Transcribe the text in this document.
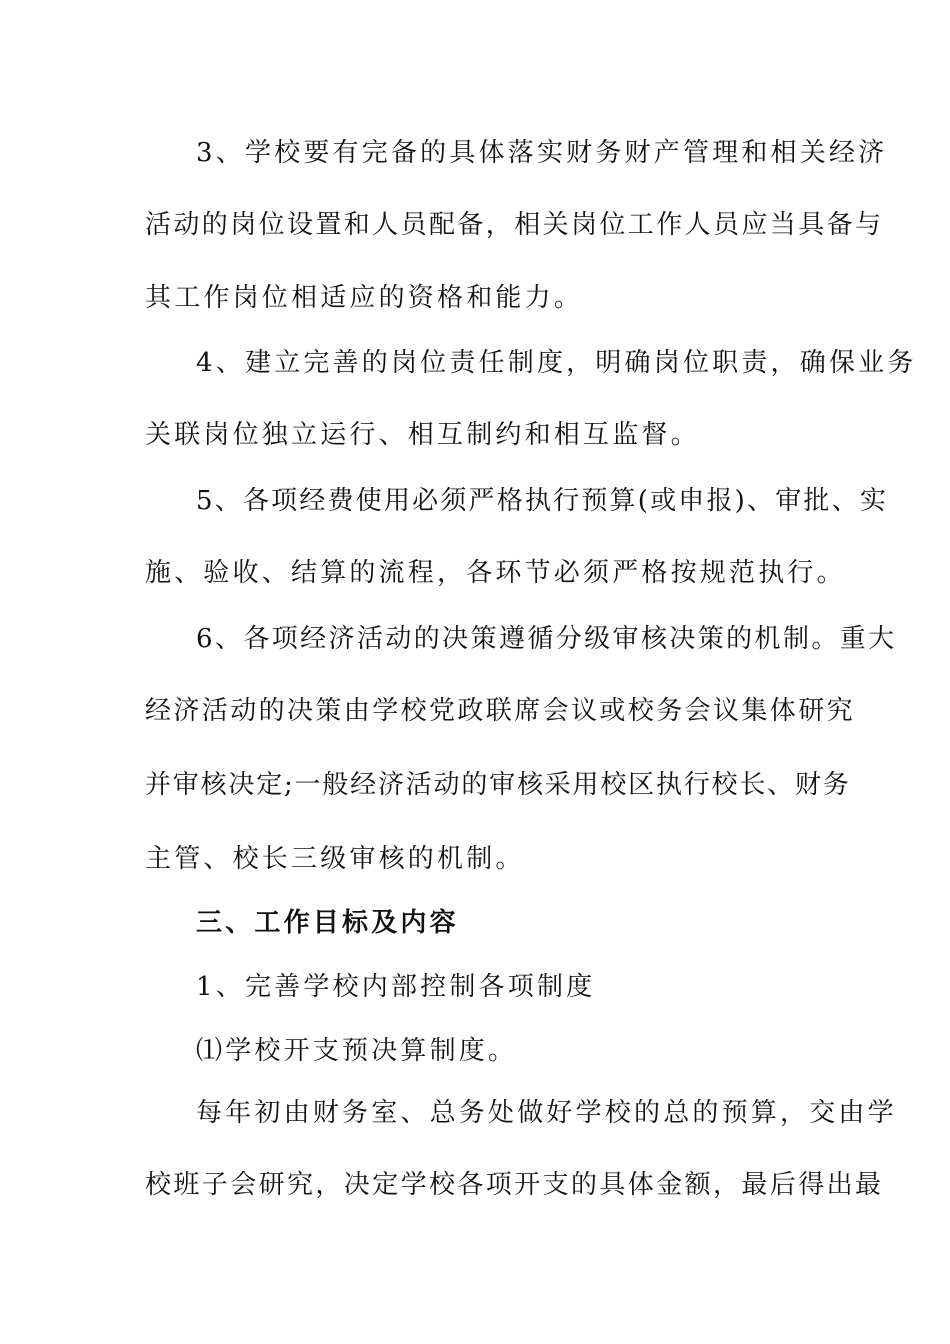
3、学校要有完备的具体落实财务财产管理和相关经济
活动的岗位设置和人员配备，相关岗位工作人员应当具备与
其工作岗位相适应的资格和能力。
4、建立完善的岗位责任制度，明确岗位职责，确保业务
关联岗位独立运行、相互制约和相互监督。
5、各项经费使用必须严格执行预算(或申报)、审批、实
施、验收、结算的流程，各环节必须严格按规范执行。
6、各项经济活动的决策遵循分级审核决策的机制。重大
经济活动的决策由学校党政联席会议或校务会议集体研究
并审核决定;一般经济活动的审核采用校区执行校长、财务
主管、校长三级审核的机制。
三、工作目标及内容
1、完善学校内部控制各项制度
⑴学校开支预决算制度。
每年初由财务室、总务处做好学校的总的预算，交由学
校班子会研究，决定学校各项开支的具体金额，最后得出最
